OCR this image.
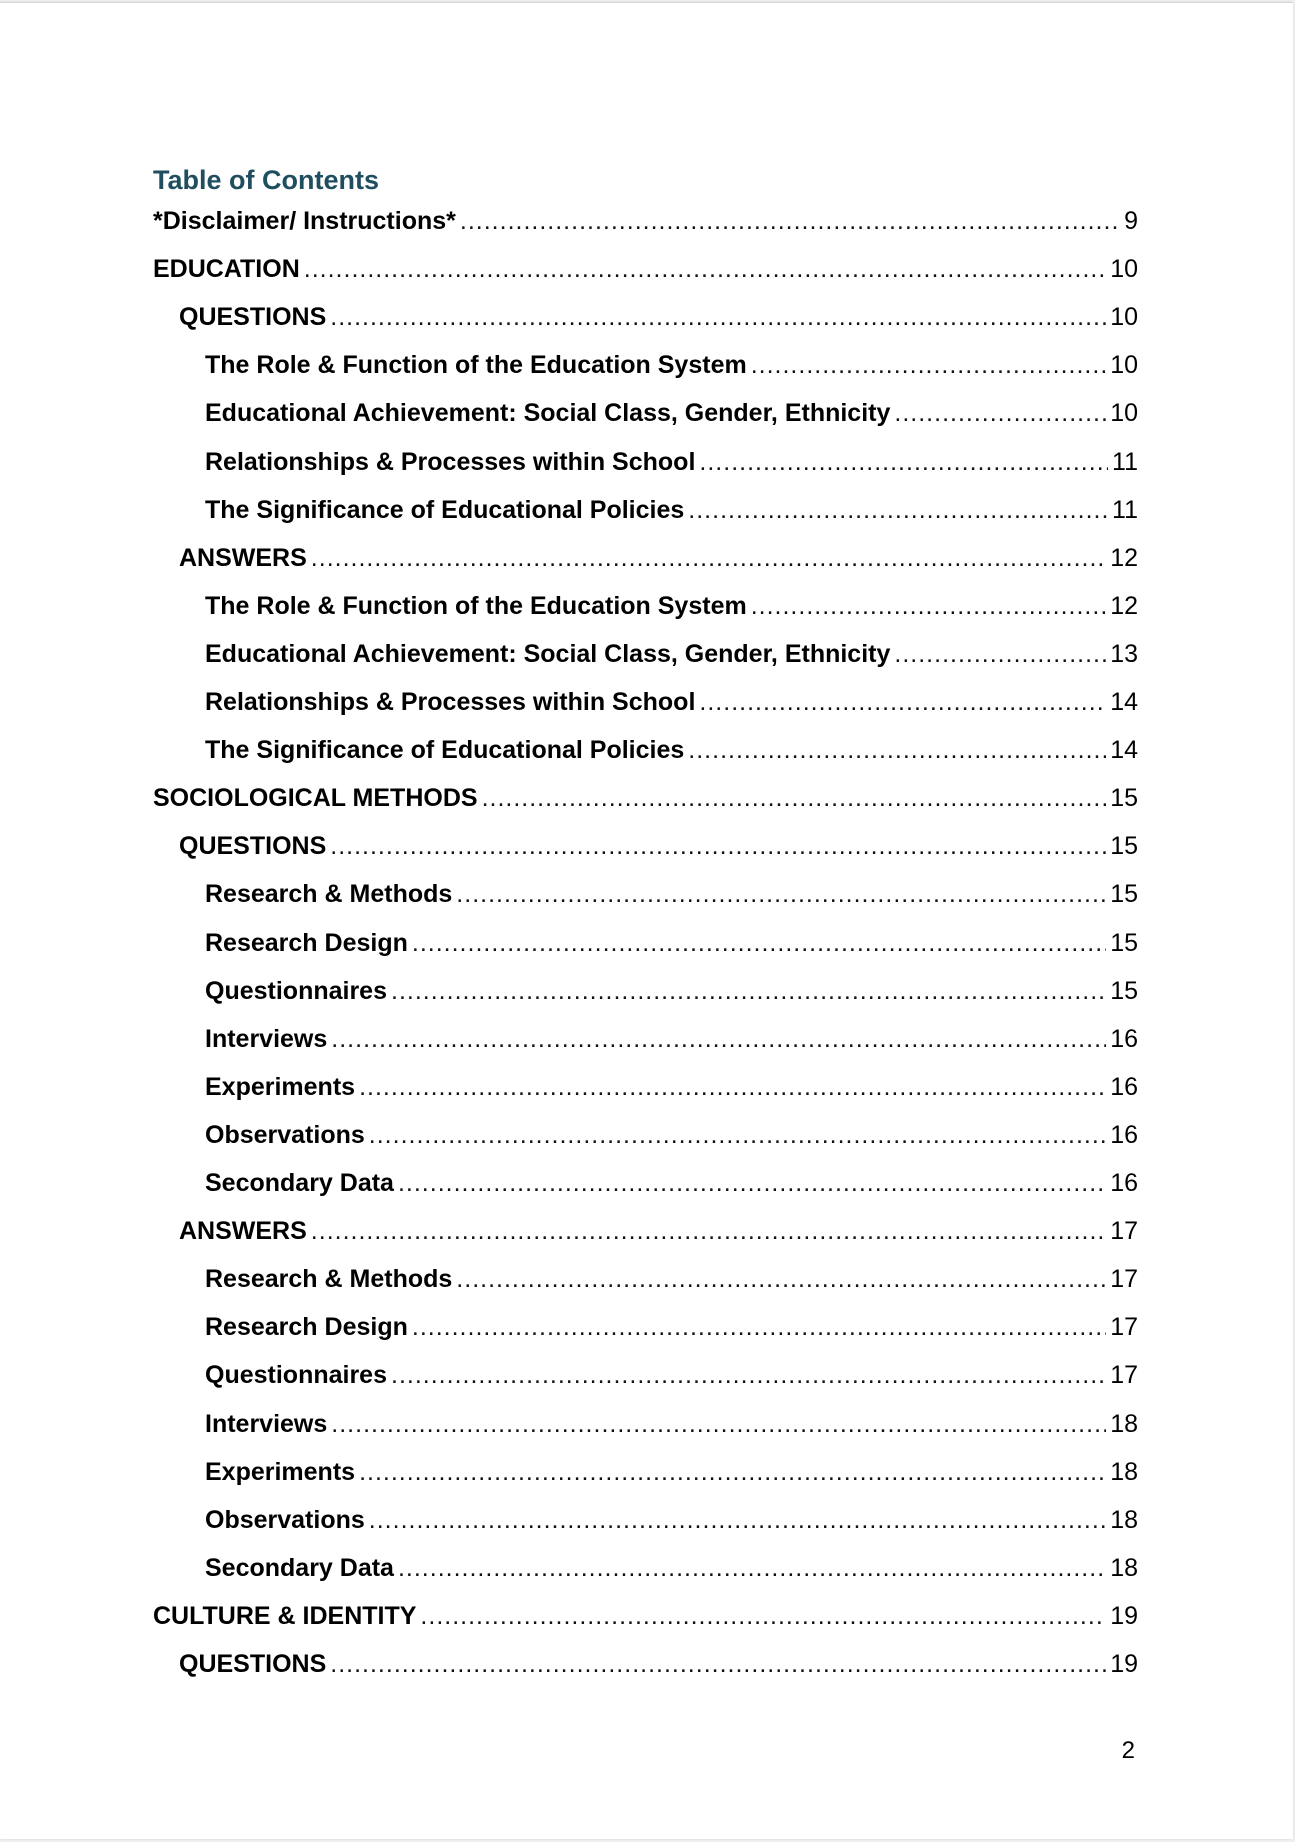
Table of Contents
*Disclaimer/ Instructions* .....	9
EDUCATION .....	10
QUESTIONS .....	10
The Role & Function of the Education System .....	10
Educational Achievement: Social Class, Gender, Ethnicity .....	10
Relationships & Processes within School .....	11
The Significance of Educational Policies .....	11
ANSWERS .....	12
The Role & Function of the Education System .....	12
Educational Achievement: Social Class, Gender, Ethnicity .....	13
Relationships & Processes within School .....	14
The Significance of Educational Policies .....	14
SOCIOLOGICAL METHODS .....	15
QUESTIONS .....	15
Research & Methods .....	15
Research Design .....	15
Questionnaires .....	15
Interviews .....	16
Experiments .....	16
Observations .....	16
Secondary Data .....	16
ANSWERS .....	17
Research & Methods .....	17
Research Design .....	17
Questionnaires .....	17
Interviews .....	18
Experiments .....	18
Observations .....	18
Secondary Data .....	18
CULTURE & IDENTITY .....	19
QUESTIONS .....	19
2
